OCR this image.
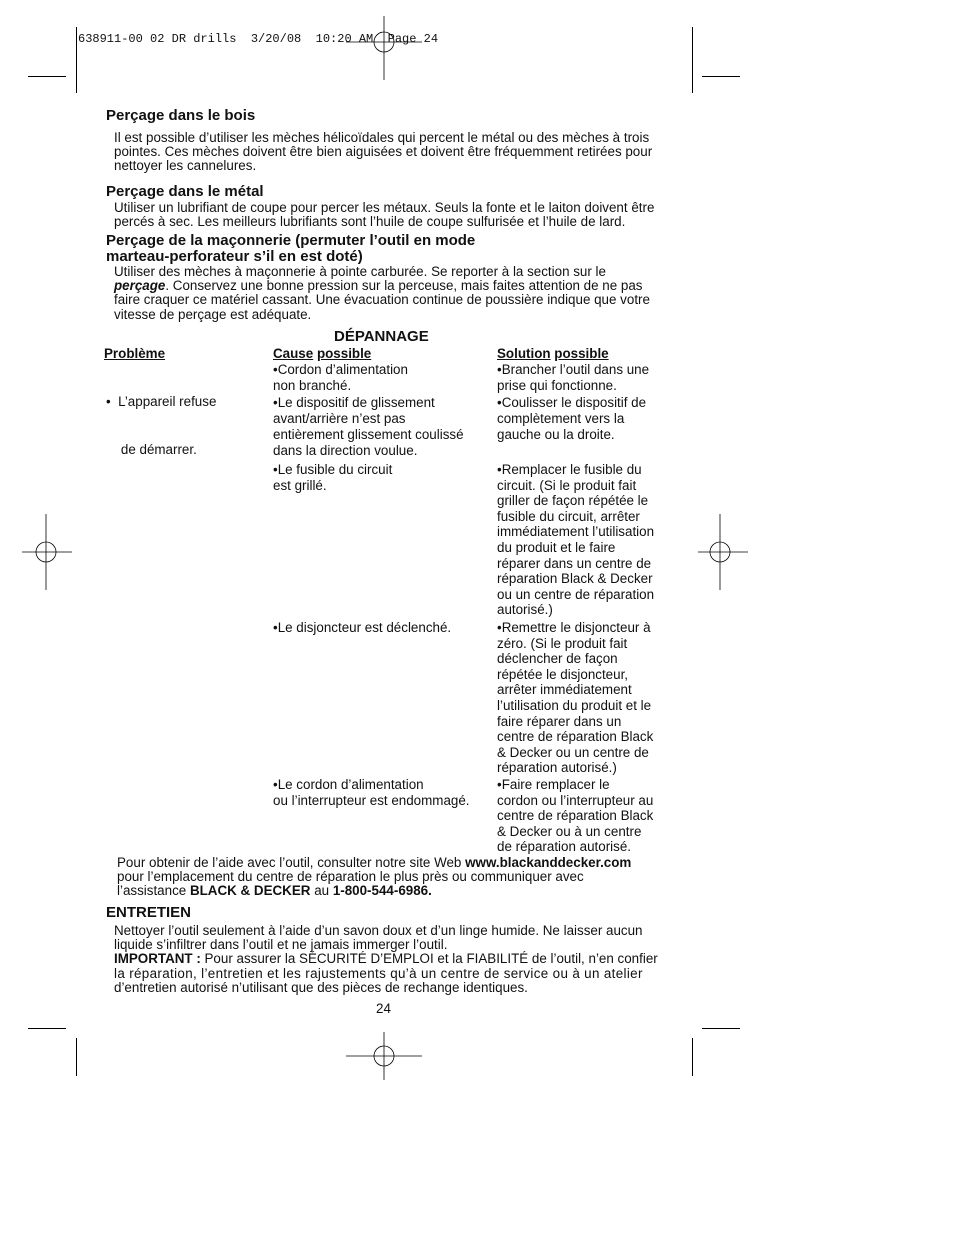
638911-00 02 DR drills  3/20/08  10:20 AM  Page 24
Perçage dans le bois
Il est possible d’utiliser les mèches hélicoïdales qui percent le métal ou des mèches à trois
pointes. Ces mèches doivent être bien aiguisées et doivent être fréquemment retirées pour
nettoyer les cannelures.
Perçage dans le métal
Utiliser un lubrifiant de coupe pour percer les métaux. Seuls la fonte et le laiton doivent être
percés à sec. Les meilleurs lubrifiants sont l’huile de coupe sulfurisée et l’huile de lard.
Perçage de la maçonnerie (permuter l’outil en mode
marteau-perforateur s’il en est doté)
Utiliser des mèches à maçonnerie à pointe carburée. Se reporter à la section sur le
perçage. Conservez une bonne pression sur la perceuse, mais faites attention de ne pas
faire craquer ce matériel cassant. Une évacuation continue de poussière indique que votre
vitesse de perçage est adéquate.
DÉPANNAGE
Problème	Cause possible	Solution possible

•  L’appareil refuse

de démarrer.

•Cordon d’alimentation
non branché.
•Le dispositif de glissement
avant/arrière n’est pas
entièrement glissement coulissé
dans la direction voulue.
•Le fusible du circuit
est grillé.
•Le disjoncteur est déclenché.
•Le cordon d’alimentation
ou l’interrupteur est endommagé.
•Brancher l’outil dans une
prise qui fonctionne.
•Coulisser le dispositif de
complètement vers la
gauche ou la droite.
•Remplacer le fusible du
circuit. (Si le produit fait
griller de façon répétée le
fusible du circuit, arrêter
immédiatement l’utilisation
du produit et le faire
réparer dans un centre de
réparation Black & Decker
ou un centre de réparation
autorisé.)
•Remettre le disjoncteur à
zéro. (Si le produit fait
déclencher de façon
répétée le disjoncteur,
arrêter immédiatement
l’utilisation du produit et le
faire réparer dans un
centre de réparation Black
& Decker ou un centre de
réparation autorisé.)
•Faire remplacer le
cordon ou l’interrupteur au
centre de réparation Black
& Decker ou à un centre
de réparation autorisé.
Pour obtenir de l’aide avec l’outil, consulter notre site Web www.blackanddecker.com
pour l’emplacement du centre de réparation le plus près ou communiquer avec
l’assistance BLACK & DECKER au 1-800-544-6986.
ENTRETIEN
Nettoyer l’outil seulement à l’aide d’un savon doux et d’un linge humide. Ne laisser aucun
liquide s’infiltrer dans l’outil et ne jamais immerger l’outil.
IMPORTANT : Pour assurer la SÉCURITÉ D’EMPLOI et la FIABILITÉ de l’outil, n’en confier
la réparation, l’entretien et les rajustements qu’à un centre de service ou à un atelier
d’entretien autorisé n’utilisant que des pièces de rechange identiques.
24
